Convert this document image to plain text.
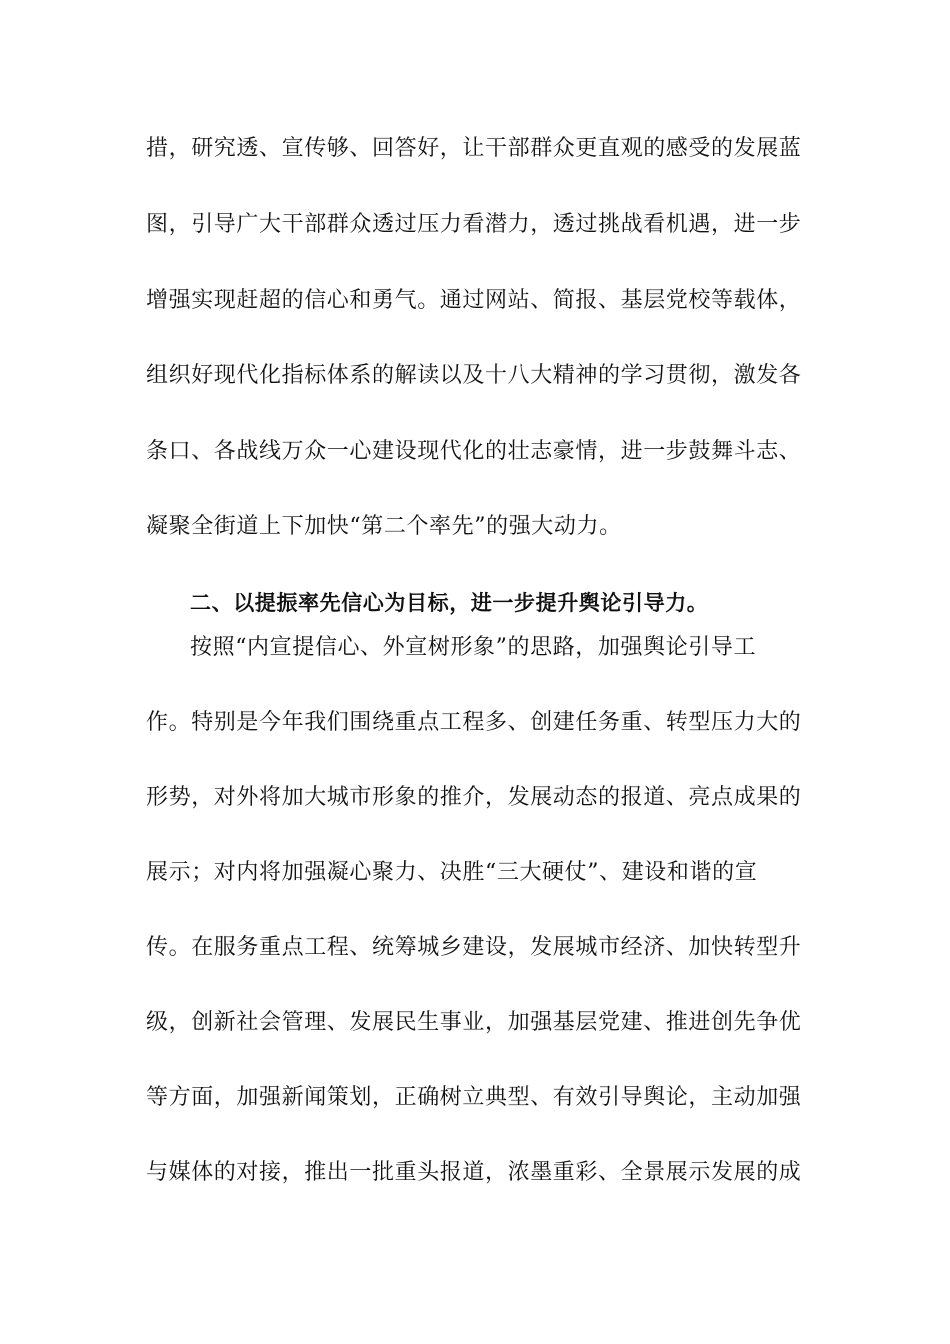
措，研究透、宣传够、回答好，让干部群众更直观的感受的发展蓝
图，引导广大干部群众透过压力看潜力，透过挑战看机遇，进一步
增强实现赶超的信心和勇气。通过网站、简报、基层党校等载体，
组织好现代化指标体系的解读以及十八大精神的学习贯彻，激发各
条口、各战线万众一心建设现代化的壮志豪情，进一步鼓舞斗志、
凝聚全街道上下加快“第二个率先”的强大动力。
二、以提振率先信心为目标，进一步提升舆论引导力。
按照“内宣提信心、外宣树形象”的思路，加强舆论引导工
作。特别是今年我们围绕重点工程多、创建任务重、转型压力大的
形势，对外将加大城市形象的推介，发展动态的报道、亮点成果的
展示；对内将加强凝心聚力、决胜“三大硬仗”、建设和谐的宣
传。在服务重点工程、统筹城乡建设，发展城市经济、加快转型升
级，创新社会管理、发展民生事业，加强基层党建、推进创先争优
等方面，加强新闻策划，正确树立典型、有效引导舆论，主动加强
与媒体的对接，推出一批重头报道，浓墨重彩、全景展示发展的成
